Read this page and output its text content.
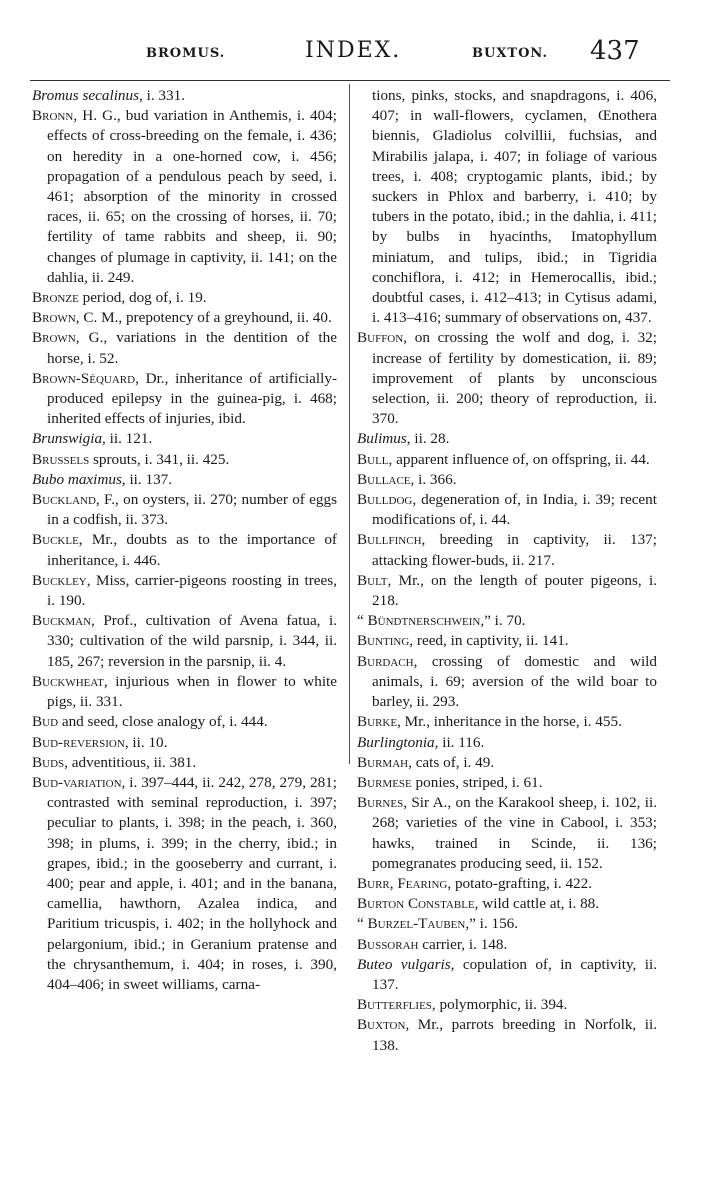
BROMUS.	INDEX.	BUXTON. 437

Bromus secalinus, i. 331.

Bronn, H. G., bud variation in Anthemis, i. 404; effects of cross-breeding on the female, i. 436; on heredity in a one-horned cow, i. 456; propagation of a pendulous peach by seed, i. 461; absorption of the minority in crossed races, ii. 65; on the crossing of horses, ii. 70; fertility of tame rabbits and sheep, ii. 90; changes of plumage in captivity, ii. 141; on the dahlia, ii. 249.

Bronze period, dog of, i. 19.

Brown, C. M., prepotency of a greyhound, ii. 40.

Brown, G., variations in the dentition of the horse, i. 52.

Brown-Séquard, Dr., inheritance of artificially-produced epilepsy in the guinea-pig, i. 468; inherited effects of injuries, ibid.

Brunswigia, ii. 121.

Brussels sprouts, i. 341, ii. 425.

Bubo maximus, ii. 137.

Buckland, F., on oysters, ii. 270; number of eggs in a codfish, ii. 373.

Buckle, Mr., doubts as to the importance of inheritance, i. 446.

Buckley, Miss, carrier-pigeons roosting in trees, i. 190.

Buckman, Prof., cultivation of Avena fatua, i. 330; cultivation of the wild parsnip, i. 344, ii. 185, 267; reversion in the parsnip, ii. 4.

Buckwheat, injurious when in flower to white pigs, ii. 331.

Bud and seed, close analogy of, i. 444.

Bud-reversion, ii. 10.

Buds, adventitious, ii. 381.

Bud-variation, i. 397–444, ii. 242, 278, 279, 281; contrasted with seminal reproduction, i. 397; peculiar to plants, i. 398; in the peach, i. 360, 398; in plums, i. 399; in the cherry, ibid.; in grapes, ibid.; in the gooseberry and currant, i. 400; pear and apple, i. 401; and in the banana, camellia, hawthorn, Azalea indica, and Paritium tricuspis, i. 402; in the hollyhock and pelargonium, ibid.; in Geranium pratense and the chrysanthemum, i. 404; in roses, i. 390, 404–406; in sweet williams, carna-

tions, pinks, stocks, and snapdragons, i. 406, 407; in wall-flowers, cyclamen, Œnothera biennis, Gladiolus colvillii, fuchsias, and Mirabilis jalapa, i. 407; in foliage of various trees, i. 408; cryptogamic plants, ibid.; by suckers in Phlox and barberry, i. 410; by tubers in the potato, ibid.; in the dahlia, i. 411; by bulbs in hyacinths, Imatophyllum miniatum, and tulips, ibid.; in Tigridia conchiflora, i. 412; in Hemerocallis, ibid.; doubtful cases, i. 412–413; in Cytisus adami, i. 413–416; summary of observations on, 437.

Buffon, on crossing the wolf and dog, i. 32; increase of fertility by domestication, ii. 89; improvement of plants by unconscious selection, ii. 200; theory of reproduction, ii. 370.

Bulimus, ii. 28.

Bull, apparent influence of, on offspring, ii. 44.

Bullace, i. 366.

Bulldog, degeneration of, in India, i. 39; recent modifications of, i. 44.

Bullfinch, breeding in captivity, ii. 137; attacking flower-buds, ii. 217.

Bult, Mr., on the length of pouter pigeons, i. 218.

“ Bündtnerschwein,” i. 70.

Bunting, reed, in captivity, ii. 141.

Burdach, crossing of domestic and wild animals, i. 69; aversion of the wild boar to barley, ii. 293.

Burke, Mr., inheritance in the horse, i. 455.

Burlingtonia, ii. 116.

Burmah, cats of, i. 49.

Burmese ponies, striped, i. 61.

Burnes, Sir A., on the Karakool sheep, i. 102, ii. 268; varieties of the vine in Cabool, i. 353; hawks, trained in Scinde, ii. 136; pomegranates producing seed, ii. 152.

Burr, Fearing, potato-grafting, i. 422.

Burton Constable, wild cattle at, i. 88.

“ Burzel-Tauben,” i. 156.

Bussorah carrier, i. 148.

Buteo vulgaris, copulation of, in captivity, ii. 137.

Butterflies, polymorphic, ii. 394.

Buxton, Mr., parrots breeding in Norfolk, ii. 138.
